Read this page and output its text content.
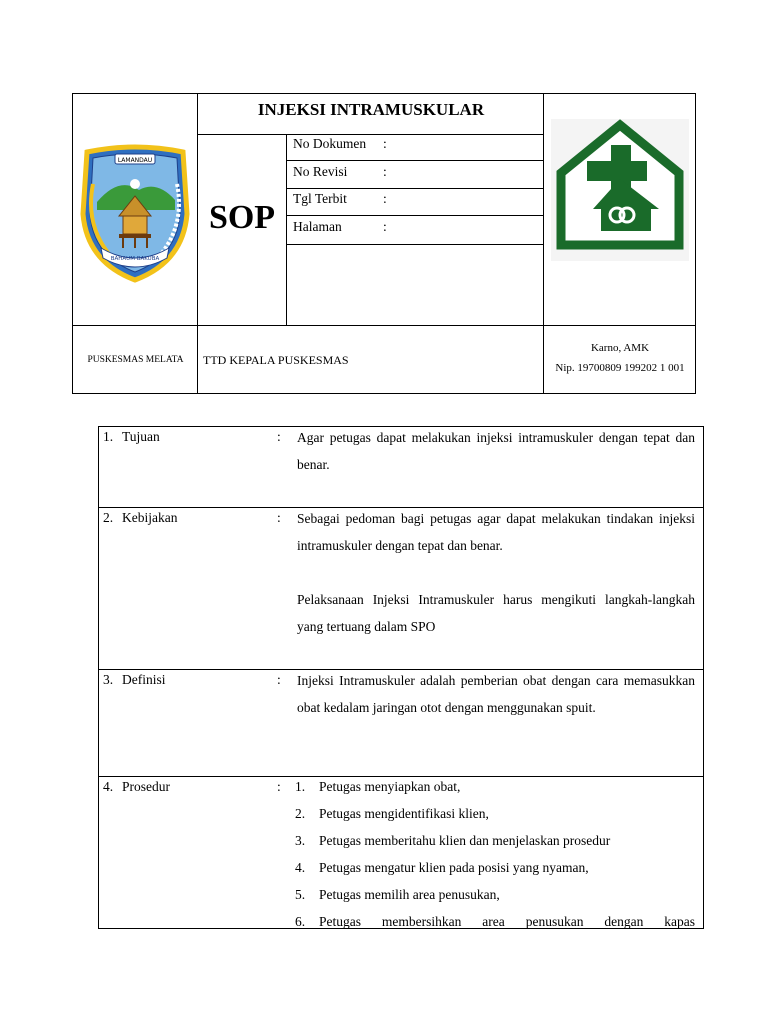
LAMANDAU
BAHAUM BAKUBA
INJEKSI INTRAMUSKULAR
SOP
No Dokumen :
No Revisi	:
Tgl Terbit	:
Halaman	:
PUSKESMAS MELATA	TTD KEPALA PUSKESMAS
Karno, AMK
Nip. 19700809 199202 1 001
1. Tujuan	: Agar petugas dapat melakukan injeksi intramuskuler dengan tepat dan benar.

2. Kebijakan	: Sebagai pedoman bagi petugas agar dapat melakukan tindakan injeksi intramuskuler dengan tepat dan benar.

Pelaksanaan Injeksi Intramuskuler harus mengikuti langkah-langkah yang tertuang dalam SPO

3. Definisi	: Injeksi Intramuskuler adalah pemberian obat dengan cara memasukkan obat kedalam jaringan otot dengan menggunakan spuit.

4. Prosedur	: 1. Petugas menyiapkan obat,
2. Petugas mengidentifikasi klien,
3. Petugas memberitahu klien dan menjelaskan prosedur
4. Petugas mengatur klien pada posisi yang nyaman,
5. Petugas memilih area penusukan,
6. Petugas membersihkan area penusukan dengan kapas
